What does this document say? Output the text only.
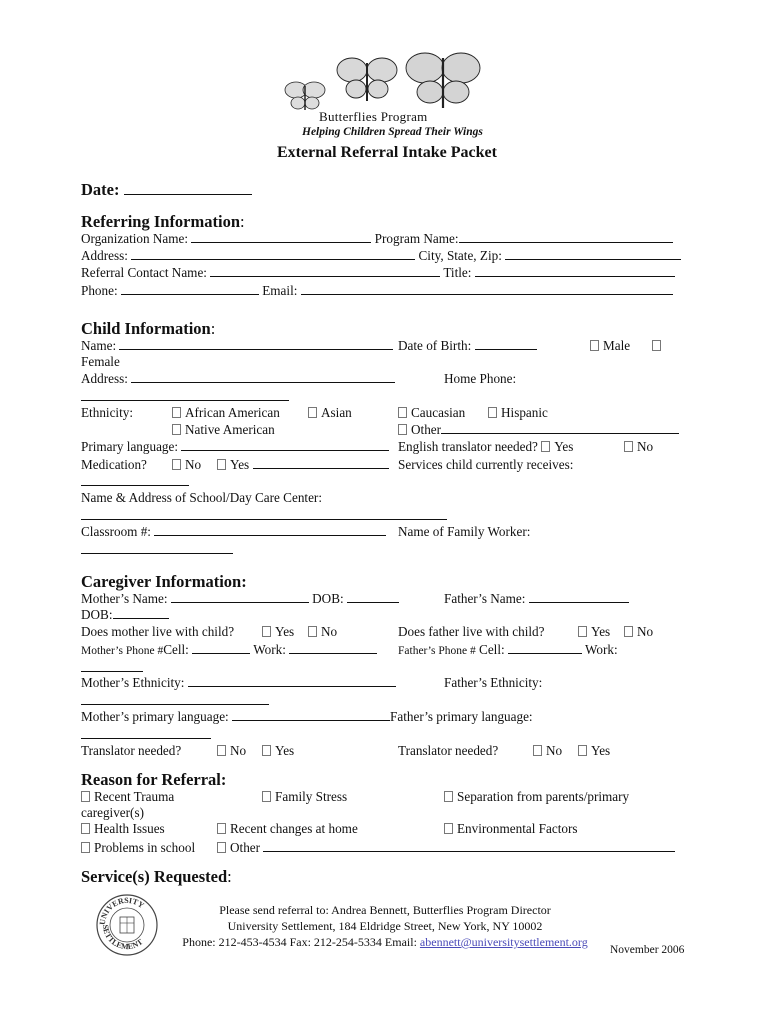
Butterflies Program
Helping Children Spread Their Wings
External Referral Intake Packet
Date:
Referring Information:
Organization Name:	Program Name:
Address:	City, State, Zip:
Referral Contact Name:	Title:
Phone:	Email:
Child Information:
Name:	Date of Birth:	Male
Female
Address:	Home Phone:
Ethnicity:	African American	Asian	Caucasian	Hispanic
Native American	Other
Primary language:	English translator needed? Yes	No
Medication?	No	Yes	Services child currently receives:
Name & Address of School/Day Care Center:
Classroom #:	Name of Family Worker:
Caregiver Information:
Mother’s Name:	DOB:	Father’s Name:
DOB:
Does mother live with child?	Yes	No	Does father live with child?	Yes	No
Mother’s Phone #Cell:	Work:	Father’s Phone # Cell:	Work:
Mother’s Ethnicity:	Father’s Ethnicity:
Mother’s primary language:	Father’s primary language:
Translator needed?	No	Yes	Translator needed?	No	Yes
Reason for Referral:
Recent Trauma	Family Stress	Separation from parents/primary
caregiver(s)
Health Issues	Recent changes at home	Environmental Factors
Problems in school	Other
Service(s) Requested:
UNIVERSITY
SETTLEMENT
Please send referral to: Andrea Bennett, Butterflies Program Director
University Settlement, 184 Eldridge Street, New York, NY 10002
Phone: 212-453-4534 Fax: 212-254-5334 Email: abennett@universitysettlement.org
November 2006
